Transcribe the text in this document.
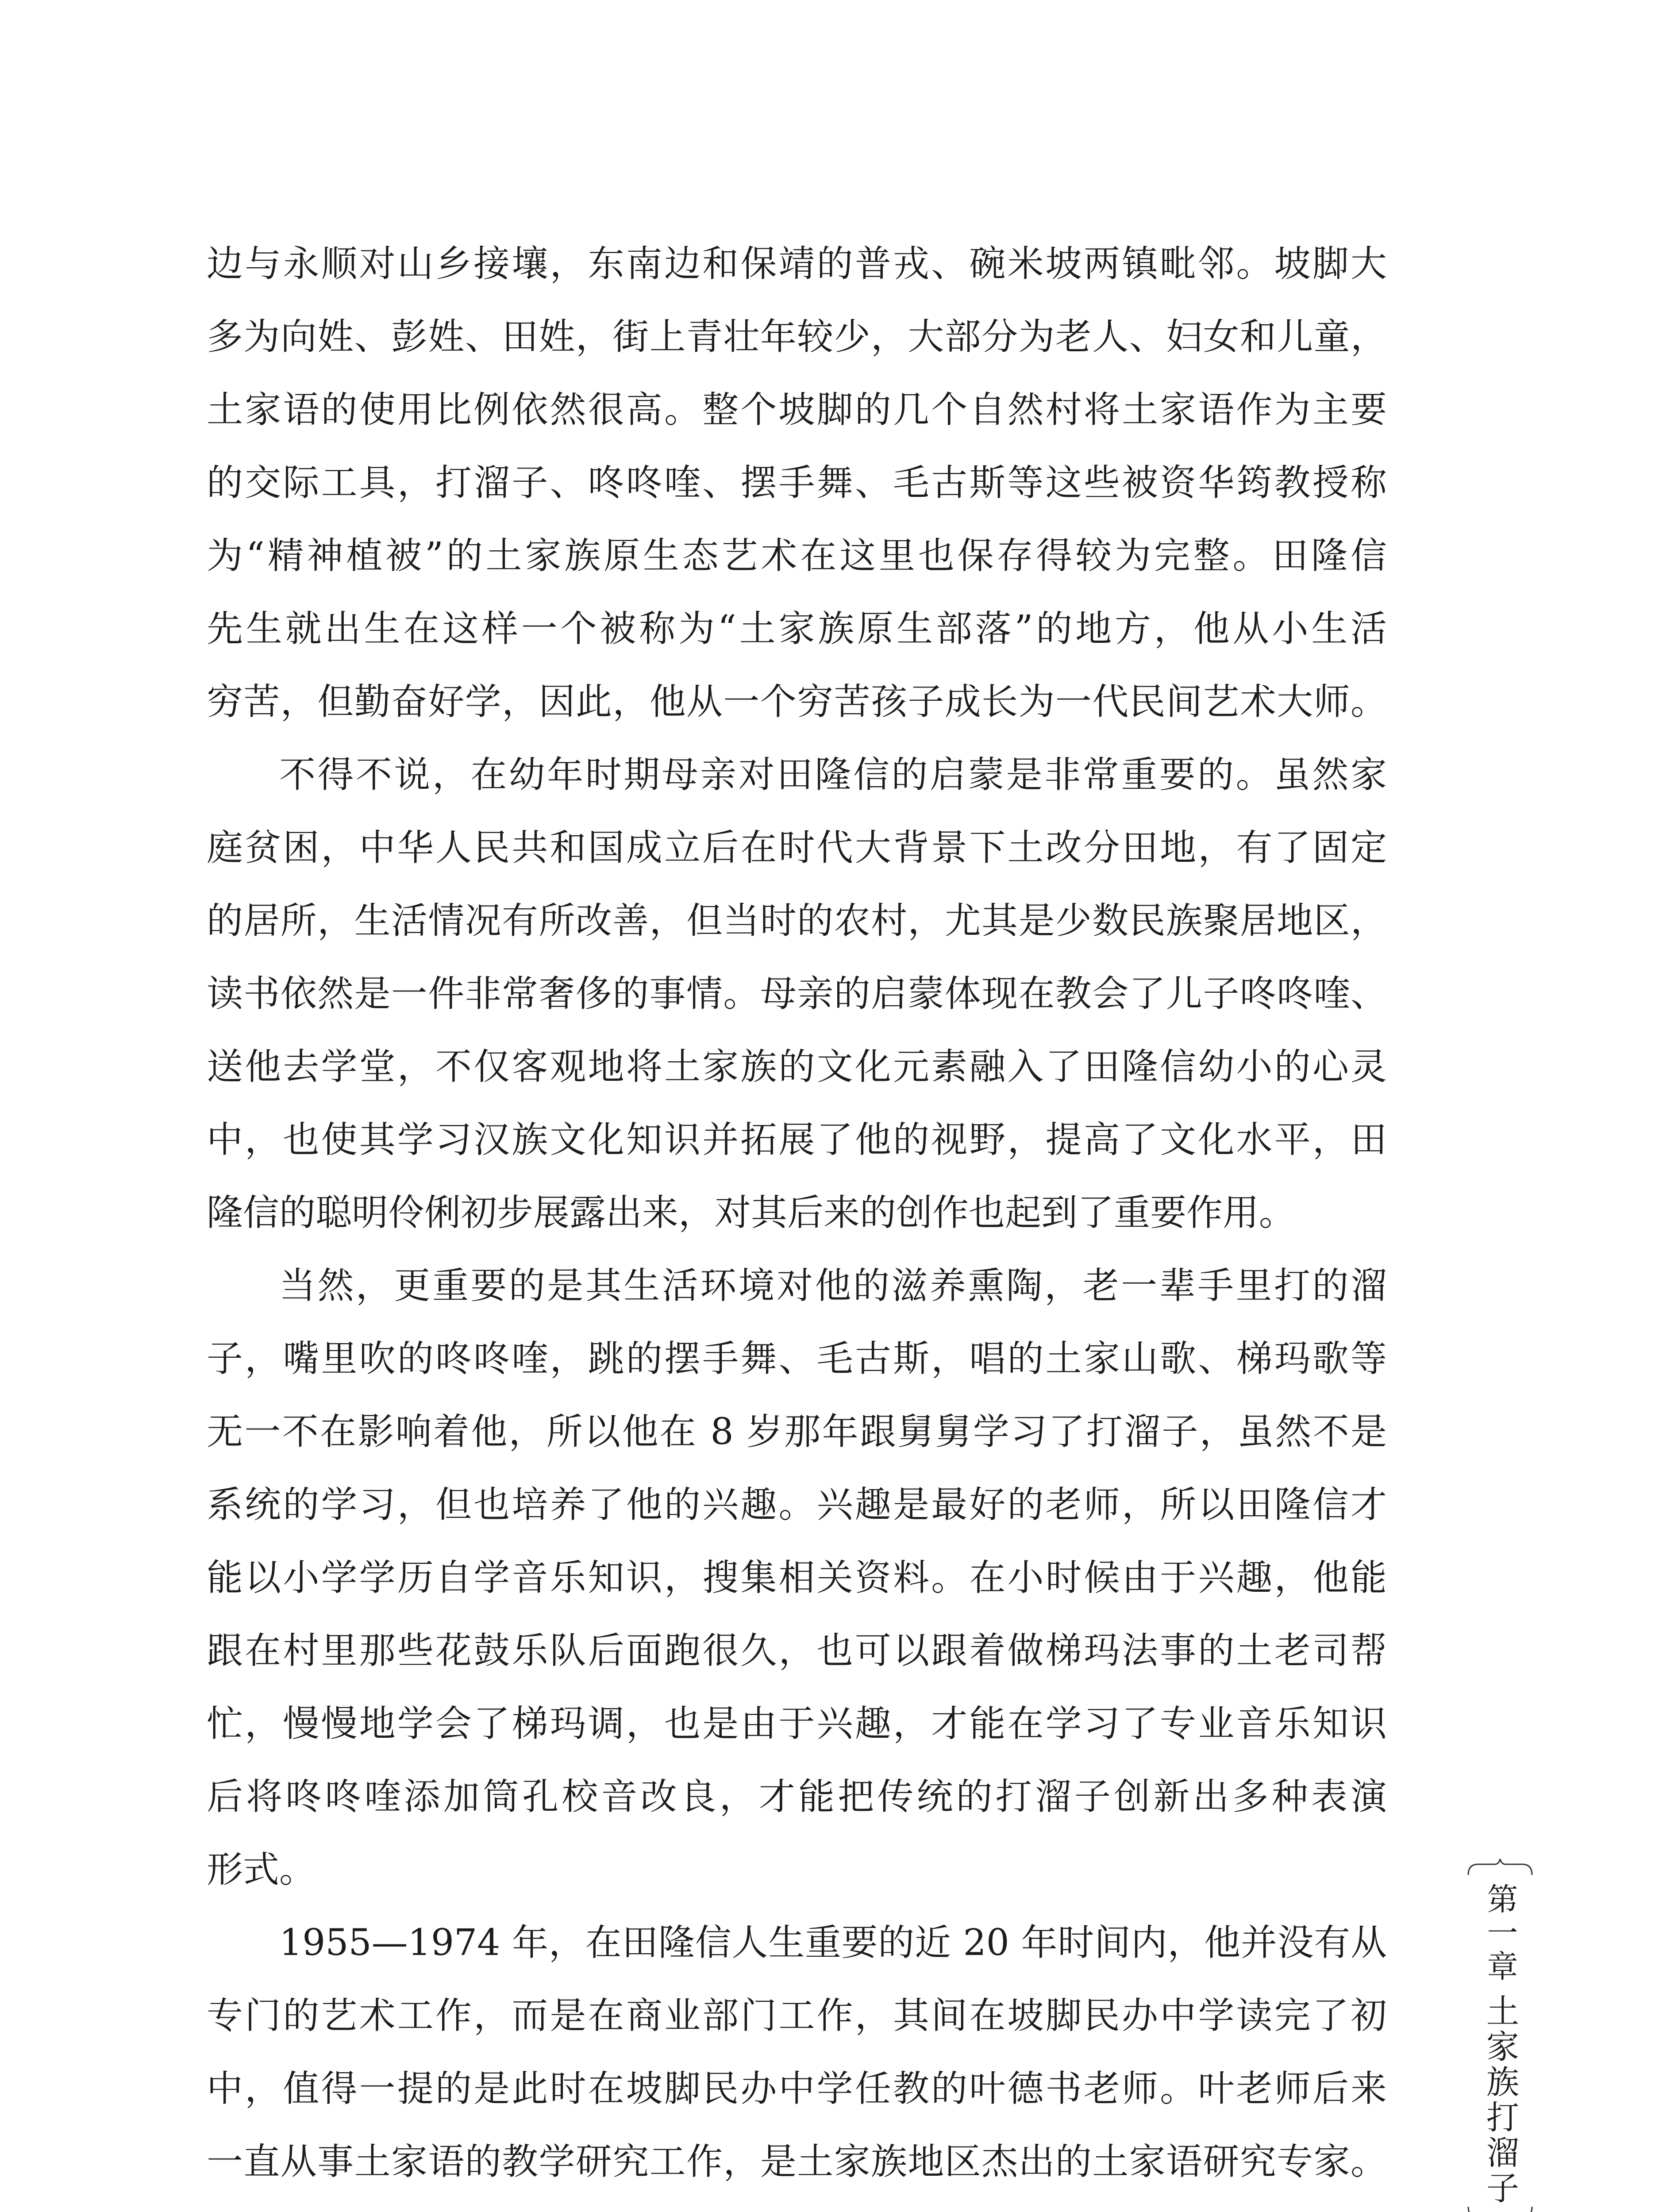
边与永顺对山乡接壤，东南边和保靖的普戎、碗米坡两镇毗邻。坡脚大
多为向姓、彭姓、田姓，街上青壮年较少，大部分为老人、妇女和儿童，
土家语的使用比例依然很高。整个坡脚的几个自然村将土家语作为主要
的交际工具，打溜子、咚咚喹、摆手舞、毛古斯等这些被资华筠教授称
为“精神植被”的土家族原生态艺术在这里也保存得较为完整。田隆信
先生就出生在这样一个被称为“土家族原生部落”的地方，他从小生活
穷苦，但勤奋好学，因此，他从一个穷苦孩子成长为一代民间艺术大师。
不得不说，在幼年时期母亲对田隆信的启蒙是非常重要的。虽然家
庭贫困，中华人民共和国成立后在时代大背景下土改分田地，有了固定
的居所，生活情况有所改善，但当时的农村，尤其是少数民族聚居地区，
读书依然是一件非常奢侈的事情。母亲的启蒙体现在教会了儿子咚咚喹、
送他去学堂，不仅客观地将土家族的文化元素融入了田隆信幼小的心灵
中，也使其学习汉族文化知识并拓展了他的视野，提高了文化水平，田
隆信的聪明伶俐初步展露出来，对其后来的创作也起到了重要作用。
当然，更重要的是其生活环境对他的滋养熏陶，老一辈手里打的溜
子，嘴里吹的咚咚喹，跳的摆手舞、毛古斯，唱的土家山歌、梯玛歌等
无一不在影响着他，所以他在 8 岁那年跟舅舅学习了打溜子，虽然不是
系统的学习，但也培养了他的兴趣。兴趣是最好的老师，所以田隆信才
能以小学学历自学音乐知识，搜集相关资料。在小时候由于兴趣，他能
跟在村里那些花鼓乐队后面跑很久，也可以跟着做梯玛法事的土老司帮
忙，慢慢地学会了梯玛调，也是由于兴趣，才能在学习了专业音乐知识
后将咚咚喹添加筒孔校音改良，才能把传统的打溜子创新出多种表演
形式。
1955—1974 年，在田隆信人生重要的近 20 年时间内，他并没有从
专门的艺术工作，而是在商业部门工作，其间在坡脚民办中学读完了初
中，值得一提的是此时在坡脚民办中学任教的叶德书老师。叶老师后来
一直从事土家语的教学研究工作，是土家族地区杰出的土家语研究专家。
第一章
土家族打溜子
